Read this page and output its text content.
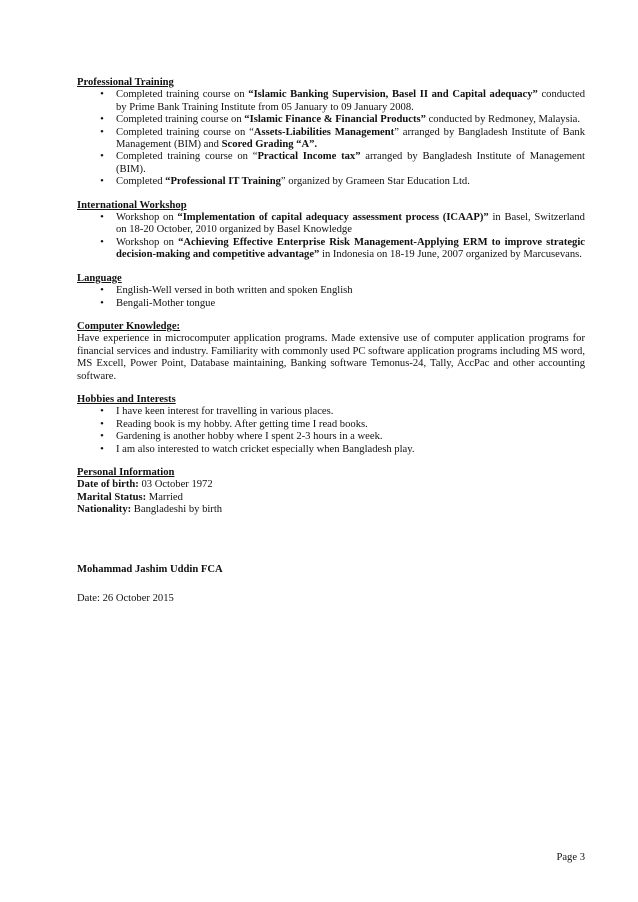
Professional Training
• Completed training course on “Islamic Banking Supervision, Basel II and Capital adequacy” conducted by Prime Bank Training Institute from 05 January to 09 January 2008.
• Completed training course on “Islamic Finance & Financial Products” conducted by Redmoney, Malaysia.
• Completed training course on “Assets-Liabilities Management” arranged by Bangladesh Institute of Bank Management (BIM) and Scored Grading “A”.
• Completed training course on “Practical Income tax” arranged by Bangladesh Institute of Management (BIM).
• Completed “Professional IT Training” organized by Grameen Star Education Ltd.
International Workshop
• Workshop on “Implementation of capital adequacy assessment process (ICAAP)” in Basel, Switzerland on 18-20 October, 2010 organized by Basel Knowledge
• Workshop on “Achieving Effective Enterprise Risk Management-Applying ERM to improve strategic decision-making and competitive advantage” in Indonesia on 18-19 June, 2007 organized by Marcusevans.
Language
• English-Well versed in both written and spoken English
• Bengali-Mother tongue
Computer Knowledge:

Have experience in microcomputer application programs. Made extensive use of computer application programs for financial services and industry. Familiarity with commonly used PC software application programs including MS word, MS Excell, Power Point, Database maintaining, Banking software Temonus-24, Tally, AccPac and other accounting software.

Hobbies and Interests
• I have keen interest for travelling in various places.
• Reading book is my hobby. After getting time I read books.
• Gardening is another hobby where I spent 2-3 hours in a week.
• I am also interested to watch cricket especially when Bangladesh play.
Personal Information
Date of birth: 03 October 1972
Marital Status: Married
Nationality: Bangladeshi by birth
Mohammad Jashim Uddin FCA
Date: 26 October 2015
Page 3
